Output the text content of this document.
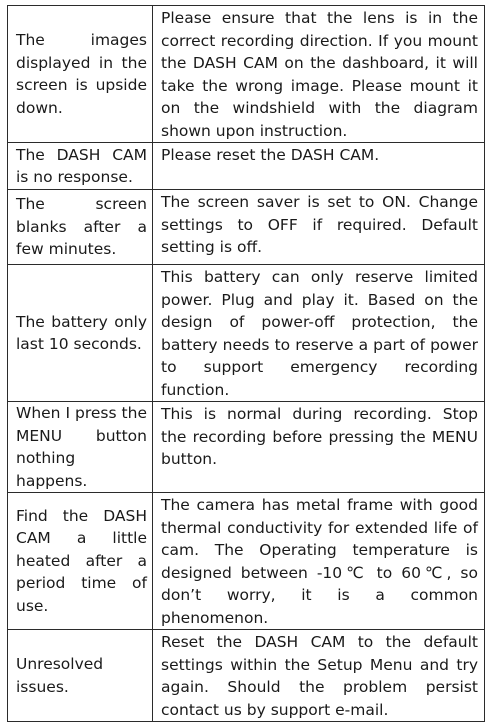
The images displayed in the screen is upside down.	Please ensure that the lens is in the correct recording direction. If you mount the DASH CAM on the dashboard, it will take the wrong image. Please mount it on the windshield with the diagram shown upon instruction.
The DASH CAM is no response.	Please reset the DASH CAM.
The screen blanks after a few minutes.	The screen saver is set to ON. Change settings to OFF if required. Default setting is off.
The battery only last 10 seconds.	This battery can only reserve limited power. Plug and play it. Based on the design of power-off protection, the battery needs to reserve a part of power to support emergency recording function.
When I press the MENU button nothing happens.	This is normal during recording. Stop the recording before pressing the MENU button.
Find the DASH CAM a little heated after a period time of use.	The camera has metal frame with good thermal conductivity for extended life of cam. The Operating temperature is designed between -10℃ to 60℃, so don’t worry, it is a common phenomenon.
Unresolved issues.	Reset the DASH CAM to the default settings within the Setup Menu and try again. Should the problem persist contact us by support e-mail.
